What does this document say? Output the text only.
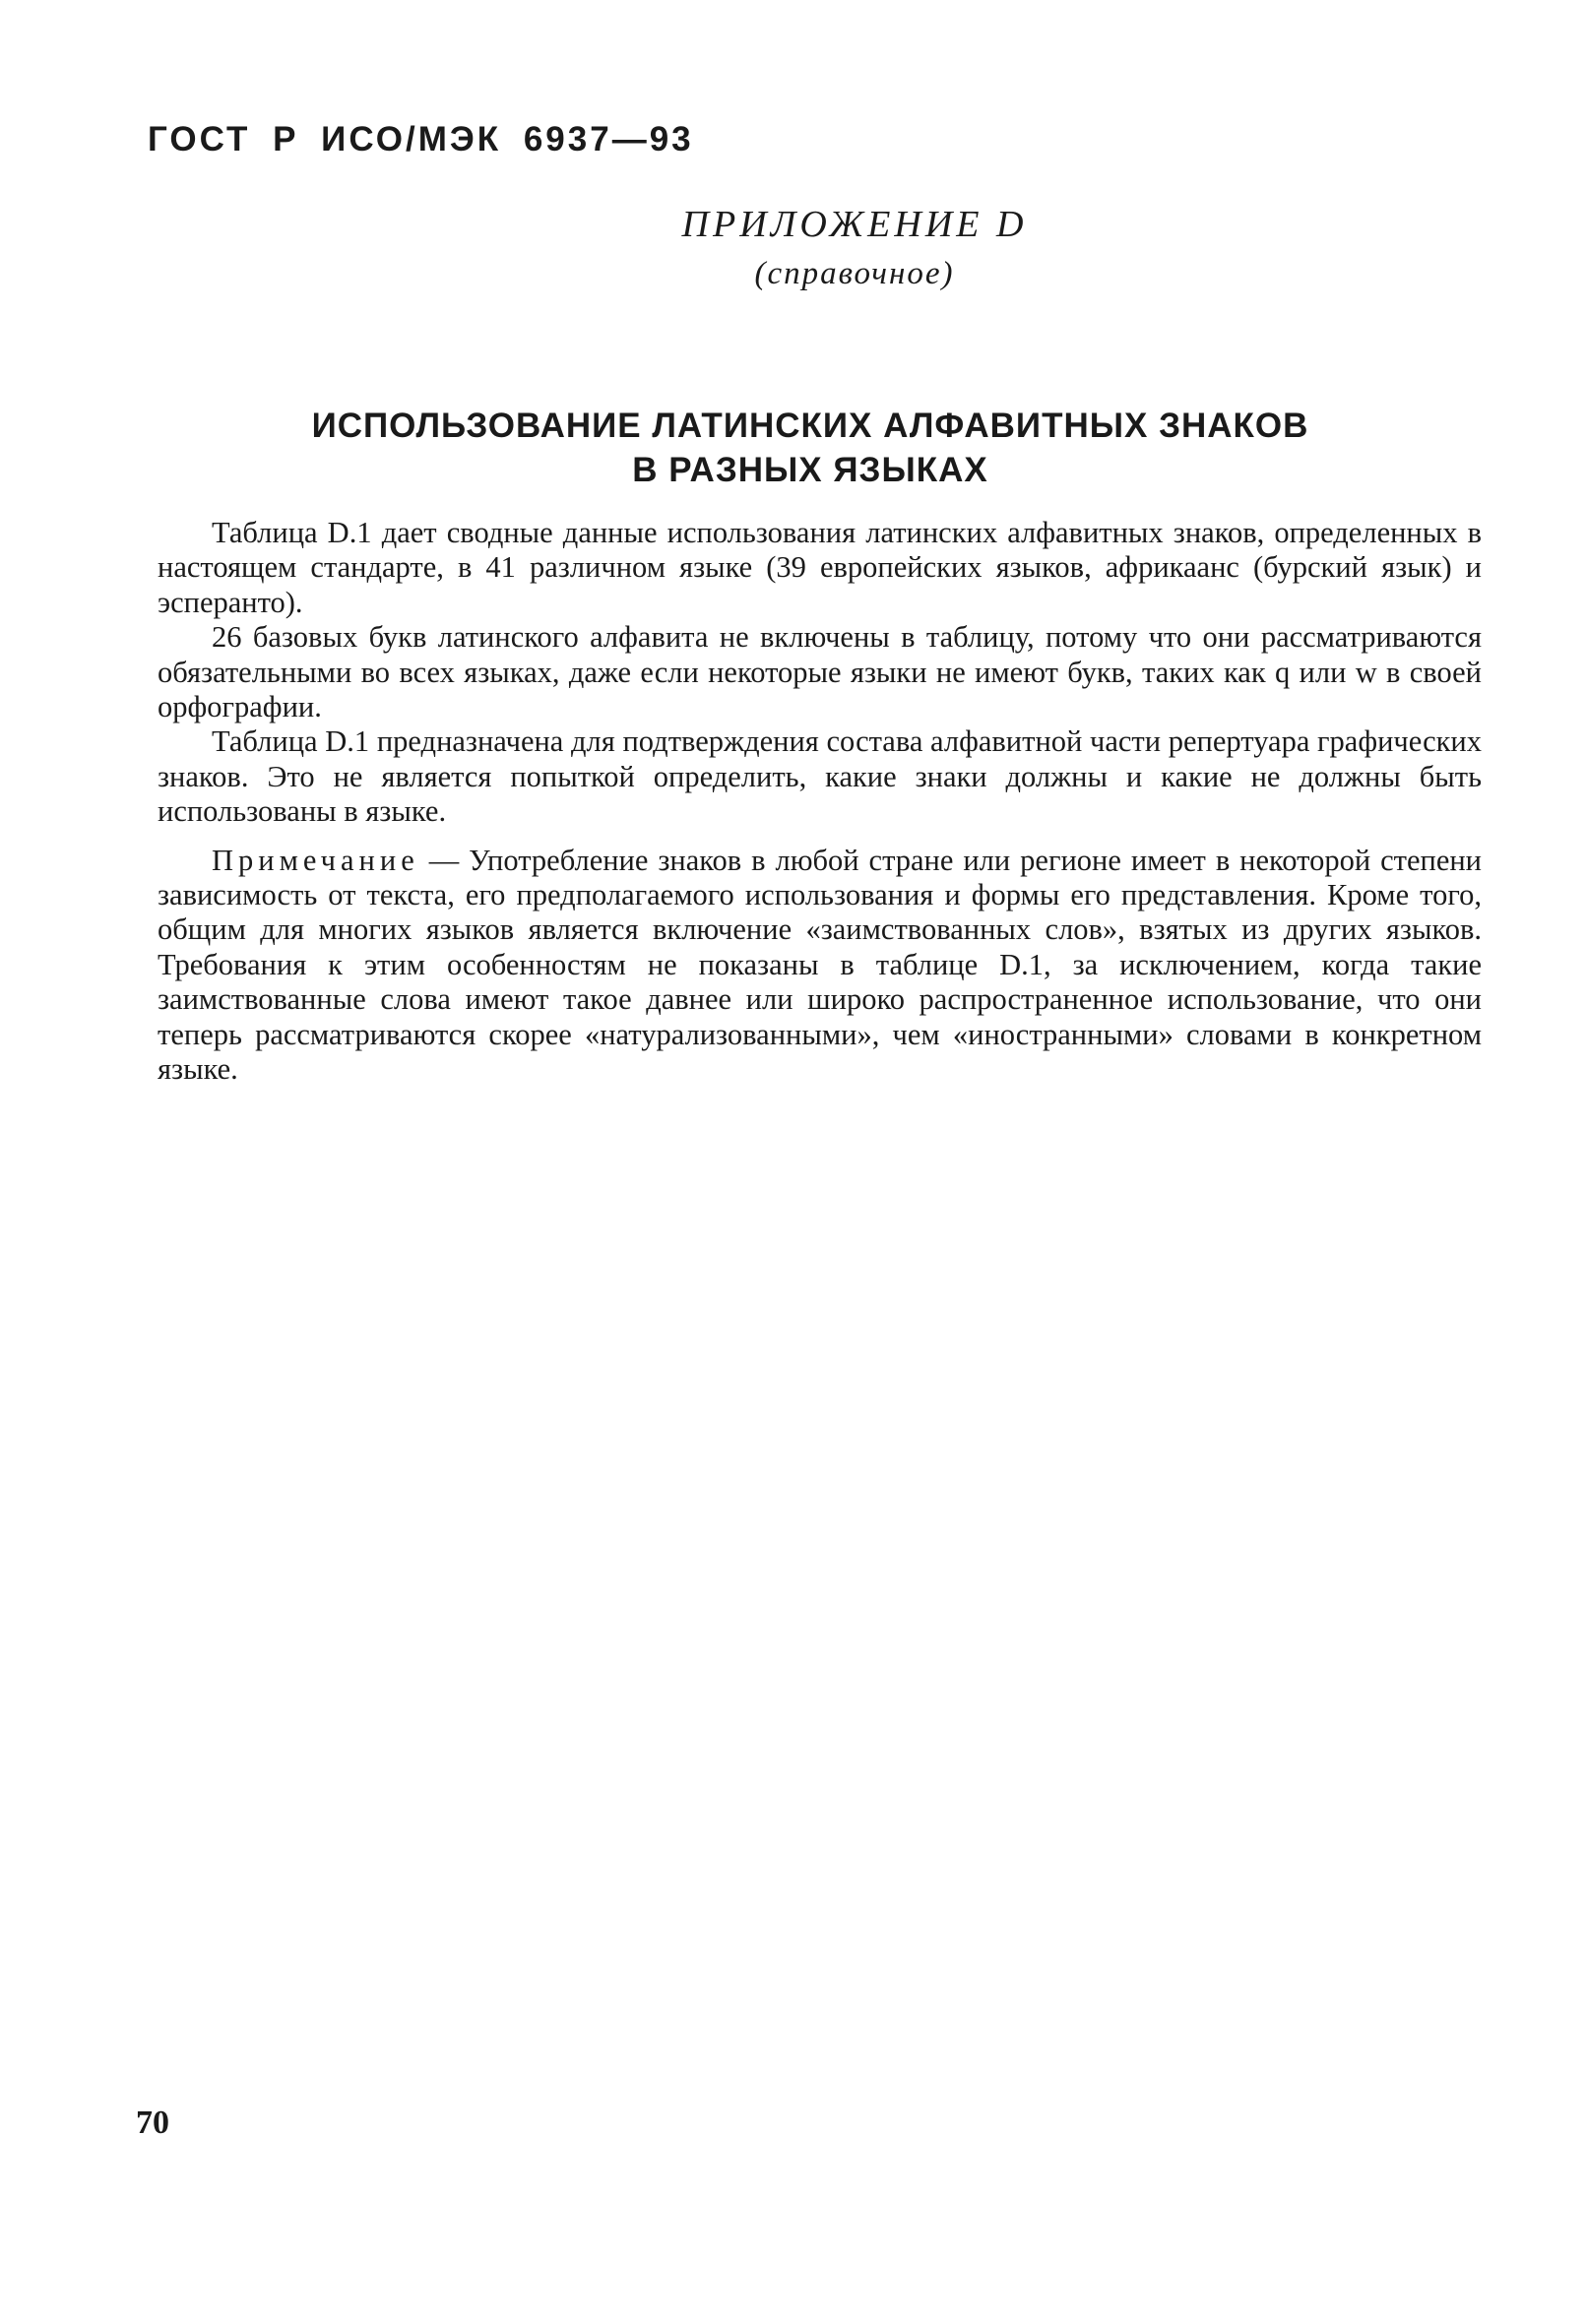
ГОСТ Р ИСО/МЭК 6937—93
ПРИЛОЖЕНИЕ D
(справочное)
ИСПОЛЬЗОВАНИЕ ЛАТИНСКИХ АЛФАВИТНЫХ ЗНАКОВ
В РАЗНЫХ ЯЗЫКАХ

Таблица D.1 дает сводные данные использования латинских алфавитных знаков, определенных в настоящем стандарте, в 41 различном языке (39 европейских языков, африкаанс (бурский язык) и эсперанто).

26 базовых букв латинского алфавита не включены в таблицу, потому что они рассматриваются обязательными во всех языках, даже если некоторые языки не имеют букв, таких как q или w в своей орфографии.

Таблица D.1 предназначена для подтверждения состава алфавитной части репертуара графических знаков. Это не является попыткой определить, какие знаки должны и какие не должны быть использованы в языке.

Примечание — Употребление знаков в любой стране или регионе имеет в некоторой степени зависимость от текста, его предполагаемого использования и формы его представления. Кроме того, общим для многих языков является включение «заимствованных слов», взятых из других языков. Требования к этим особенностям не показаны в таблице D.1, за исключением, когда такие заимствованные слова имеют такое давнее или широко распространенное использование, что они теперь рассматриваются скорее «натурализованными», чем «иностранными» словами в конкретном языке.

70
